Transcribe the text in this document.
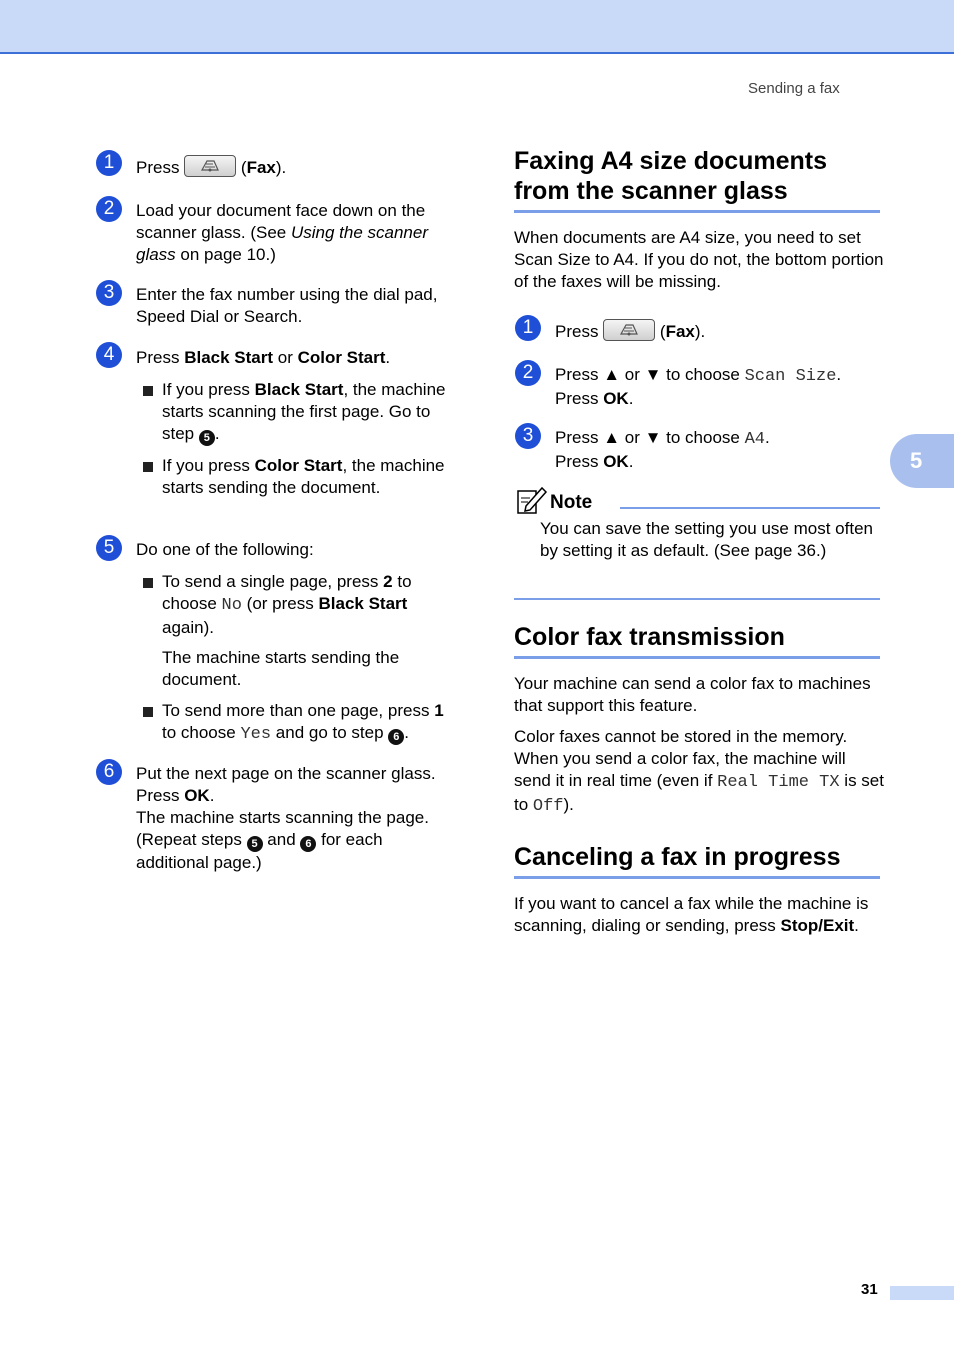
Sending a fax
1	Press	(Fax).
2	Load your document face down on the scanner glass. (See Using the scanner glass on page 10.)
3	Enter the fax number using the dial pad, Speed Dial or Search.
4	Press Black Start or Color Start.
If you press Black Start, the machine starts scanning the first page. Go to step 5 .
If you press Color Start, the machine starts sending the document.
5	Do one of the following:
To send a single page, press 2 to choose No (or press Black Start again).
The machine starts sending the document.
To send more than one page, press 1 to choose Yes and go to step 6 .
6	Put the next page on the scanner glass.
Press OK.
The machine starts scanning the page.
(Repeat steps 5 and 6 for each
additional page.)
Faxing A4 size documents from the scanner glass
When documents are A4 size, you need to set Scan Size to A4. If you do not, the bottom portion of the faxes will be missing.
1	Press	(Fax).
2	Press ▲ or ▼ to choose Scan Size.
Press OK.
3	Press ▲ or ▼ to choose A4.
Press OK.
Note
You can save the setting you use most often by setting it as default. (See page 36.)
Color fax transmission
Your machine can send a color fax to machines that support this feature.
Color faxes cannot be stored in the memory. When you send a color fax, the machine will send it in real time (even if Real Time TX is set to Off).
Canceling a fax in progress
If you want to cancel a fax while the machine is scanning, dialing or sending, press Stop/Exit.
5
31
